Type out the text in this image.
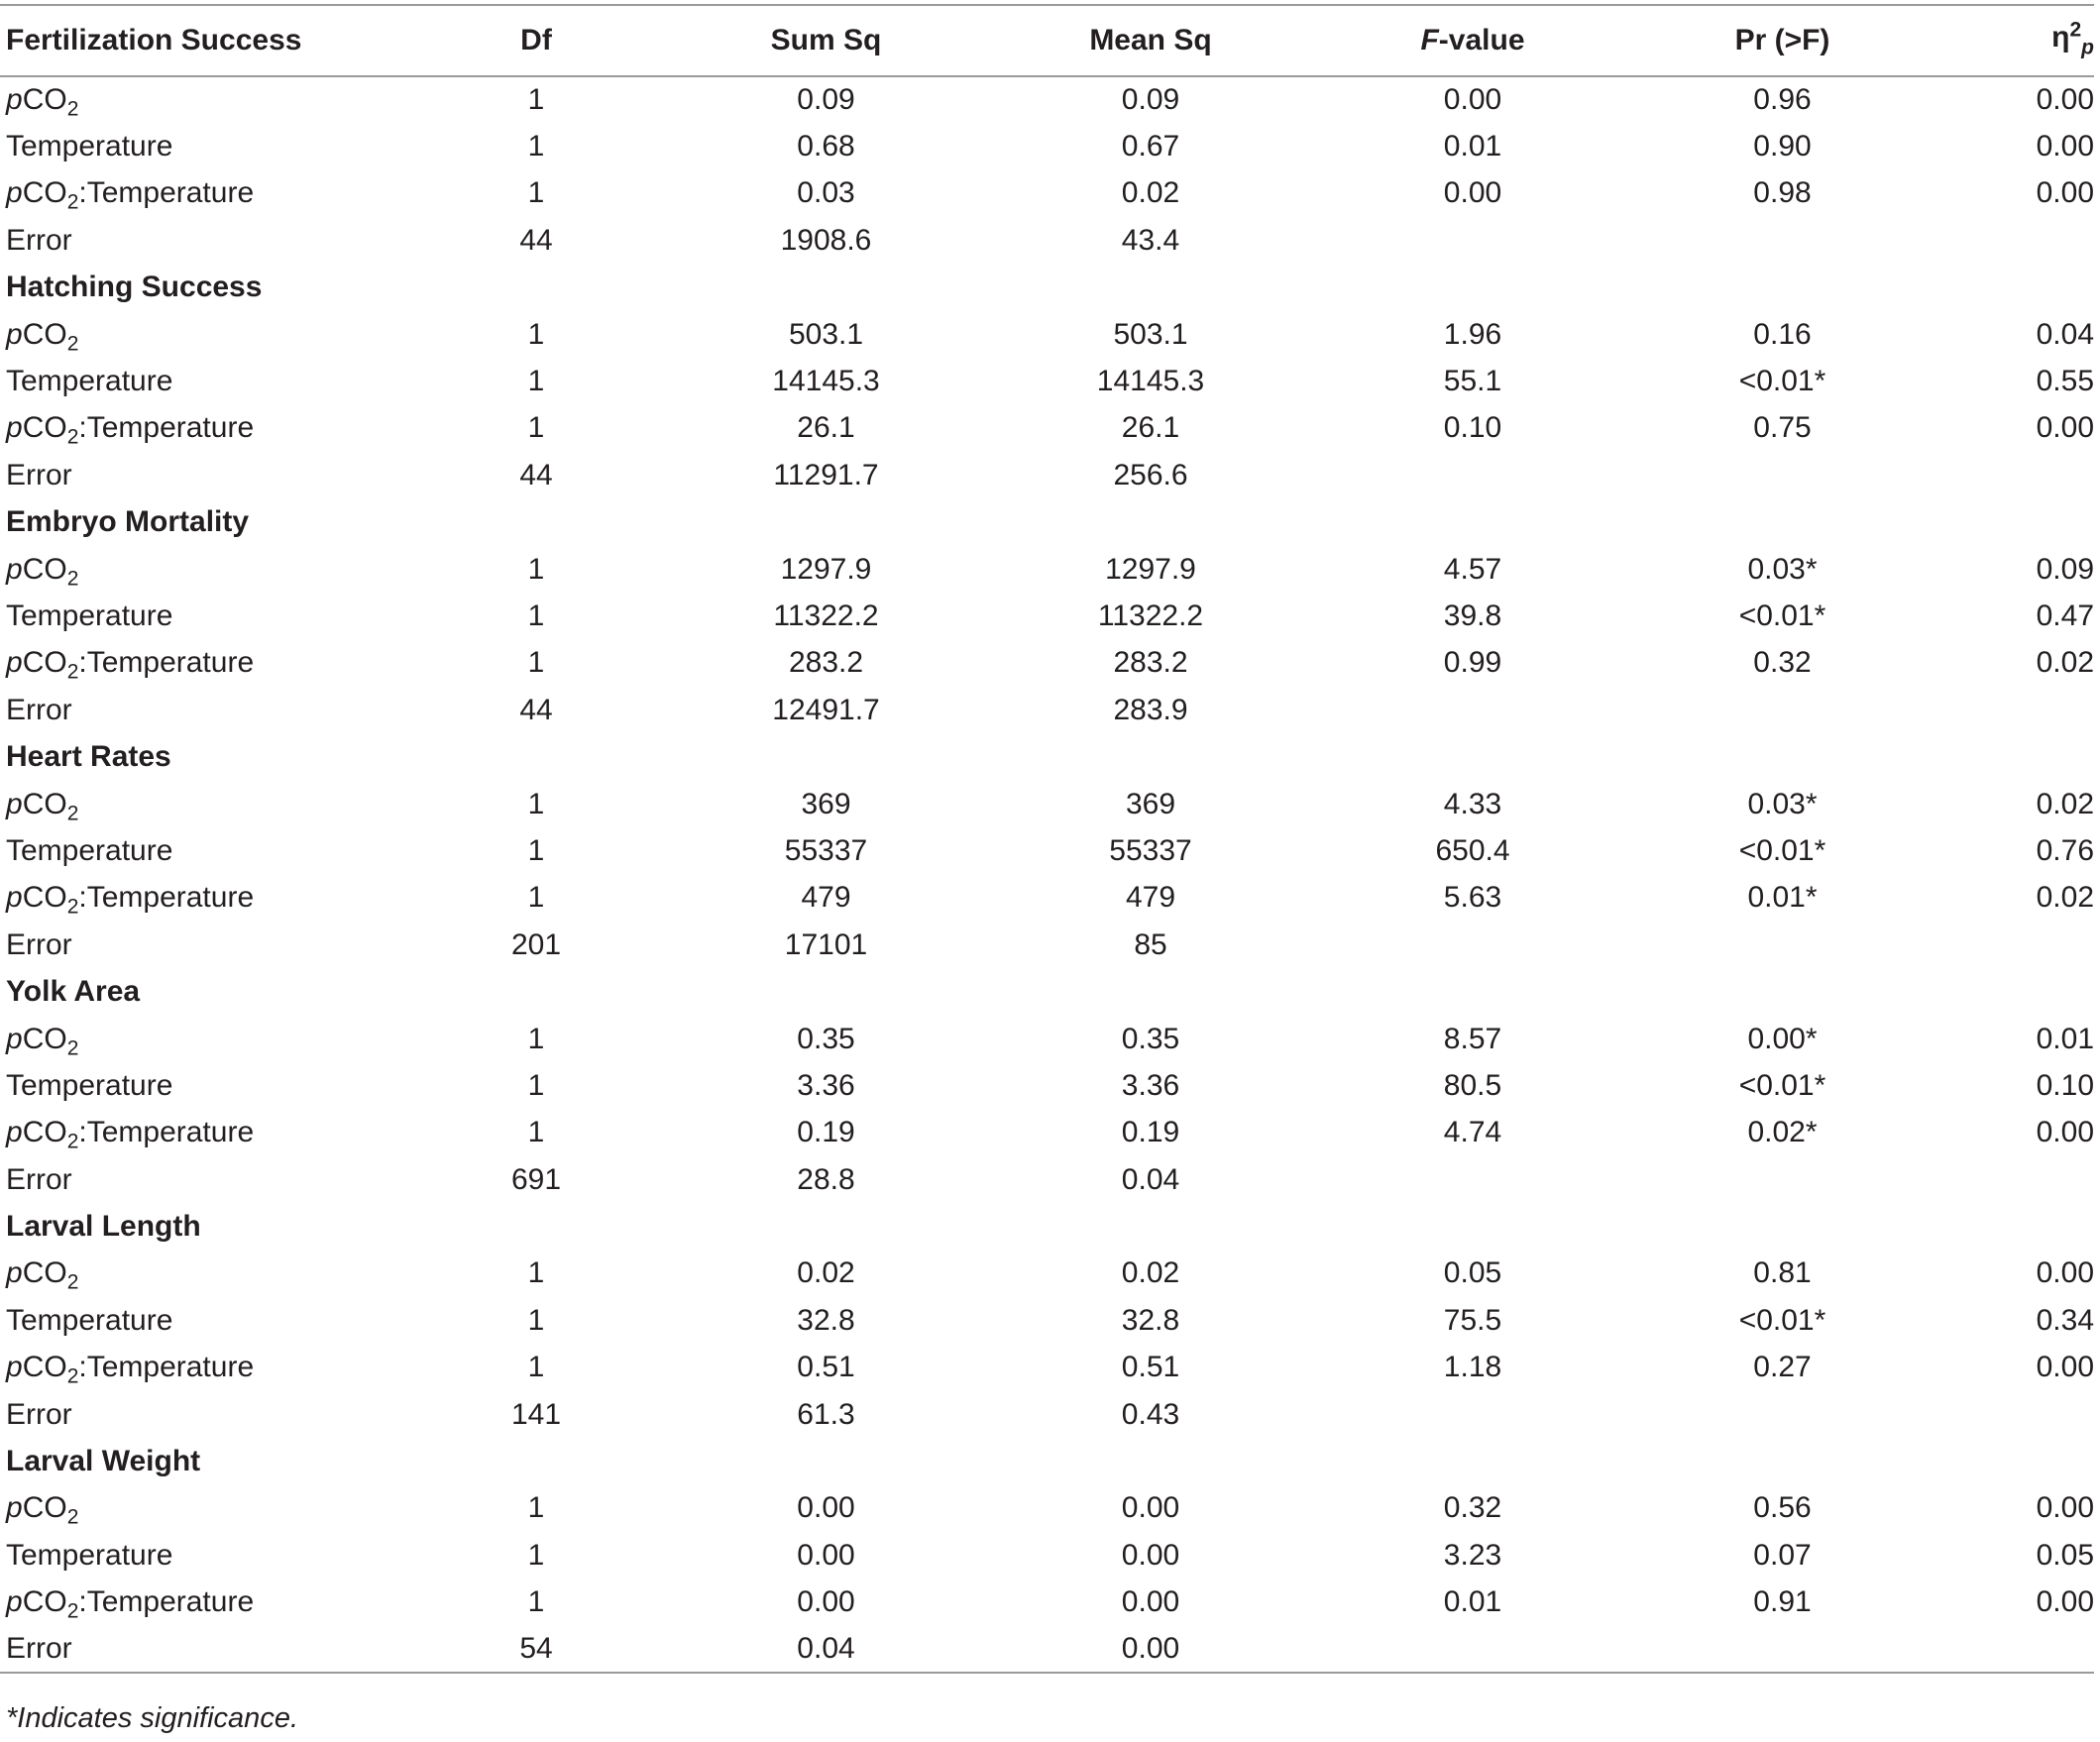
Fertilization Success	Df	Sum Sq	Mean Sq	F-value	Pr (>F)	$\eta^2_p$
pCO$_2$	1	0.09	0.09	0.00	0.96	0.00
Temperature	1	0.68	0.67	0.01	0.90	0.00
pCO$_2$:Temperature	1	0.03	0.02	0.00	0.98	0.00
Error	44	1908.6	43.4			
Hatching Success						
pCO$_2$	1	503.1	503.1	1.96	0.16	0.04
Temperature	1	14145.3	14145.3	55.1	<0.01*	0.55
pCO$_2$:Temperature	1	26.1	26.1	0.10	0.75	0.00
Error	44	11291.7	256.6			
Embryo Mortality						
pCO$_2$	1	1297.9	1297.9	4.57	0.03*	0.09
Temperature	1	11322.2	11322.2	39.8	<0.01*	0.47
pCO$_2$:Temperature	1	283.2	283.2	0.99	0.32	0.02
Error	44	12491.7	283.9			
Heart Rates						
pCO$_2$	1	369	369	4.33	0.03*	0.02
Temperature	1	55337	55337	650.4	<0.01*	0.76
pCO$_2$:Temperature	1	479	479	5.63	0.01*	0.02
Error	201	17101	85			
Yolk Area						
pCO$_2$	1	0.35	0.35	8.57	0.00*	0.01
Temperature	1	3.36	3.36	80.5	<0.01*	0.10
pCO$_2$:Temperature	1	0.19	0.19	4.74	0.02*	0.00
Error	691	28.8	0.04			
Larval Length						
pCO$_2$	1	0.02	0.02	0.05	0.81	0.00
Temperature	1	32.8	32.8	75.5	<0.01*	0.34
pCO$_2$:Temperature	1	0.51	0.51	1.18	0.27	0.00
Error	141	61.3	0.43			
Larval Weight						
pCO$_2$	1	0.00	0.00	0.32	0.56	0.00
Temperature	1	0.00	0.00	3.23	0.07	0.05
pCO$_2$:Temperature	1	0.00	0.00	0.01	0.91	0.00
Error	54	0.04	0.00			
*Indicates significance.
